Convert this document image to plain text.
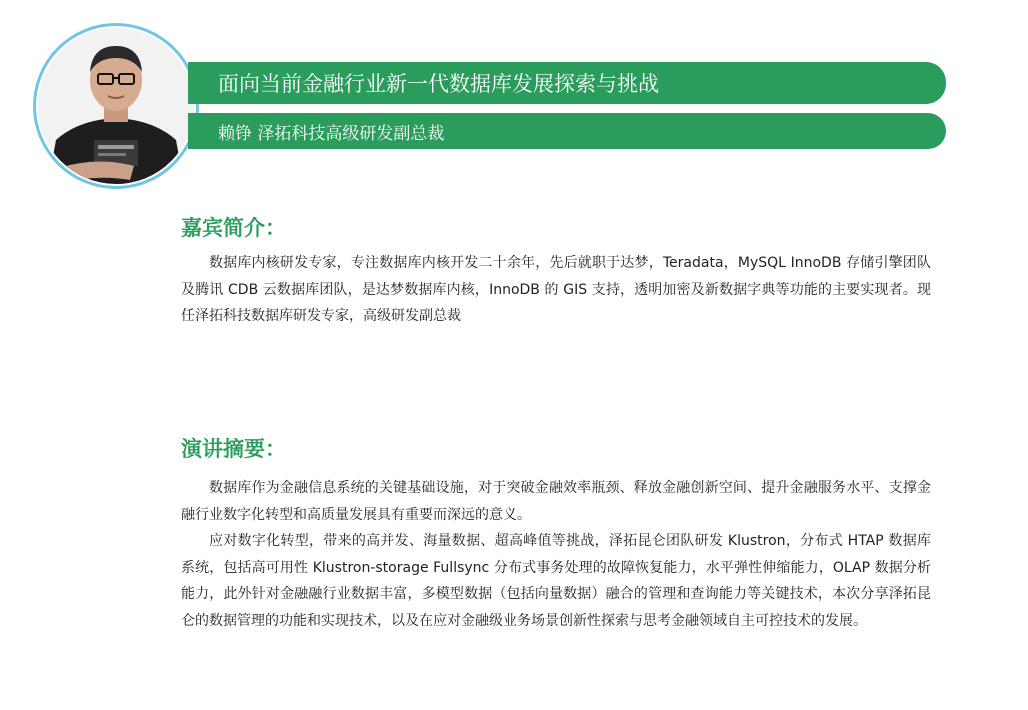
面向当前金融行业新一代数据库发展探索与挑战
赖铮 泽拓科技高级研发副总裁
嘉宾简介：

数据库内核研发专家，专注数据库内核开发二十余年，先后就职于达梦，Teradata，MySQL InnoDB 存储引擎团队及腾讯 CDB 云数据库团队，是达梦数据库内核，InnoDB 的 GIS 支持，透明加密及新数据字典等功能的主要实现者。现任泽拓科技数据库研发专家，高级研发副总裁

演讲摘要：

数据库作为金融信息系统的关键基础设施，对于突破金融效率瓶颈、释放金融创新空间、提升金融服务水平、支撑金融行业数字化转型和高质量发展具有重要而深远的意义。

应对数字化转型，带来的高并发、海量数据、超高峰值等挑战，泽拓昆仑团队研发 Klustron，分布式 HTAP 数据库系统，包括高可用性 Klustron-storage Fullsync 分布式事务处理的故障恢复能力，水平弹性伸缩能力，OLAP 数据分析能力，此外针对金融融行业数据丰富，多模型数据（包括向量数据）融合的管理和查询能力等关键技术，本次分享泽拓昆仑的数据管理的功能和实现技术，以及在应对金融级业务场景创新性探索与思考金融领域自主可控技术的发展。
